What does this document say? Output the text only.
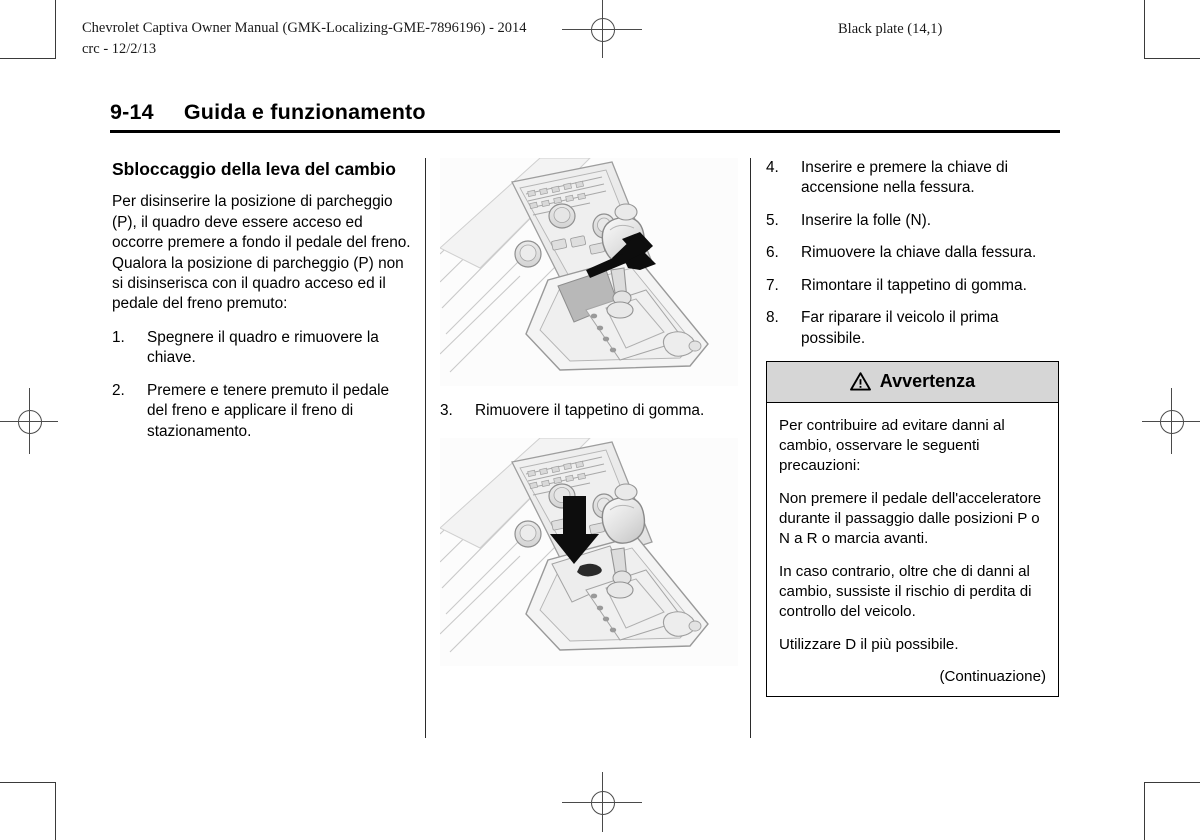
Chevrolet Captiva Owner Manual (GMK-Localizing-GME-7896196) - 2014
crc - 12/2/13
Black plate (14,1)
9-14 Guida e funzionamento
Sbloccaggio della leva del cambio

Per disinserire la posizione di parcheggio (P), il quadro deve essere acceso ed occorre premere a fondo il pedale del freno. Qualora la posizione di parcheggio (P) non si disinserisca con il quadro acceso ed il pedale del freno premuto:

1.	Spegnere il quadro e rimuovere la chiave.
2.	Premere e tenere premuto il pedale del freno e applicare il freno di stazionamento.
3. Rimuovere il tappetino di gomma.
4.	Inserire e premere la chiave di accensione nella fessura.
5.	Inserire la folle (N).
6.	Rimuovere la chiave dalla fessura.
7.	Rimontare il tappetino di gomma.
8.	Far riparare il veicolo il prima possibile.
Avvertenza

Per contribuire ad evitare danni al cambio, osservare le seguenti precauzioni:

Non premere il pedale dell'acceleratore durante il passaggio dalle posizioni P o N a R o marcia avanti.

In caso contrario, oltre che di danni al cambio, sussiste il rischio di perdita di controllo del veicolo.

Utilizzare D il più possibile.

(Continuazione)
